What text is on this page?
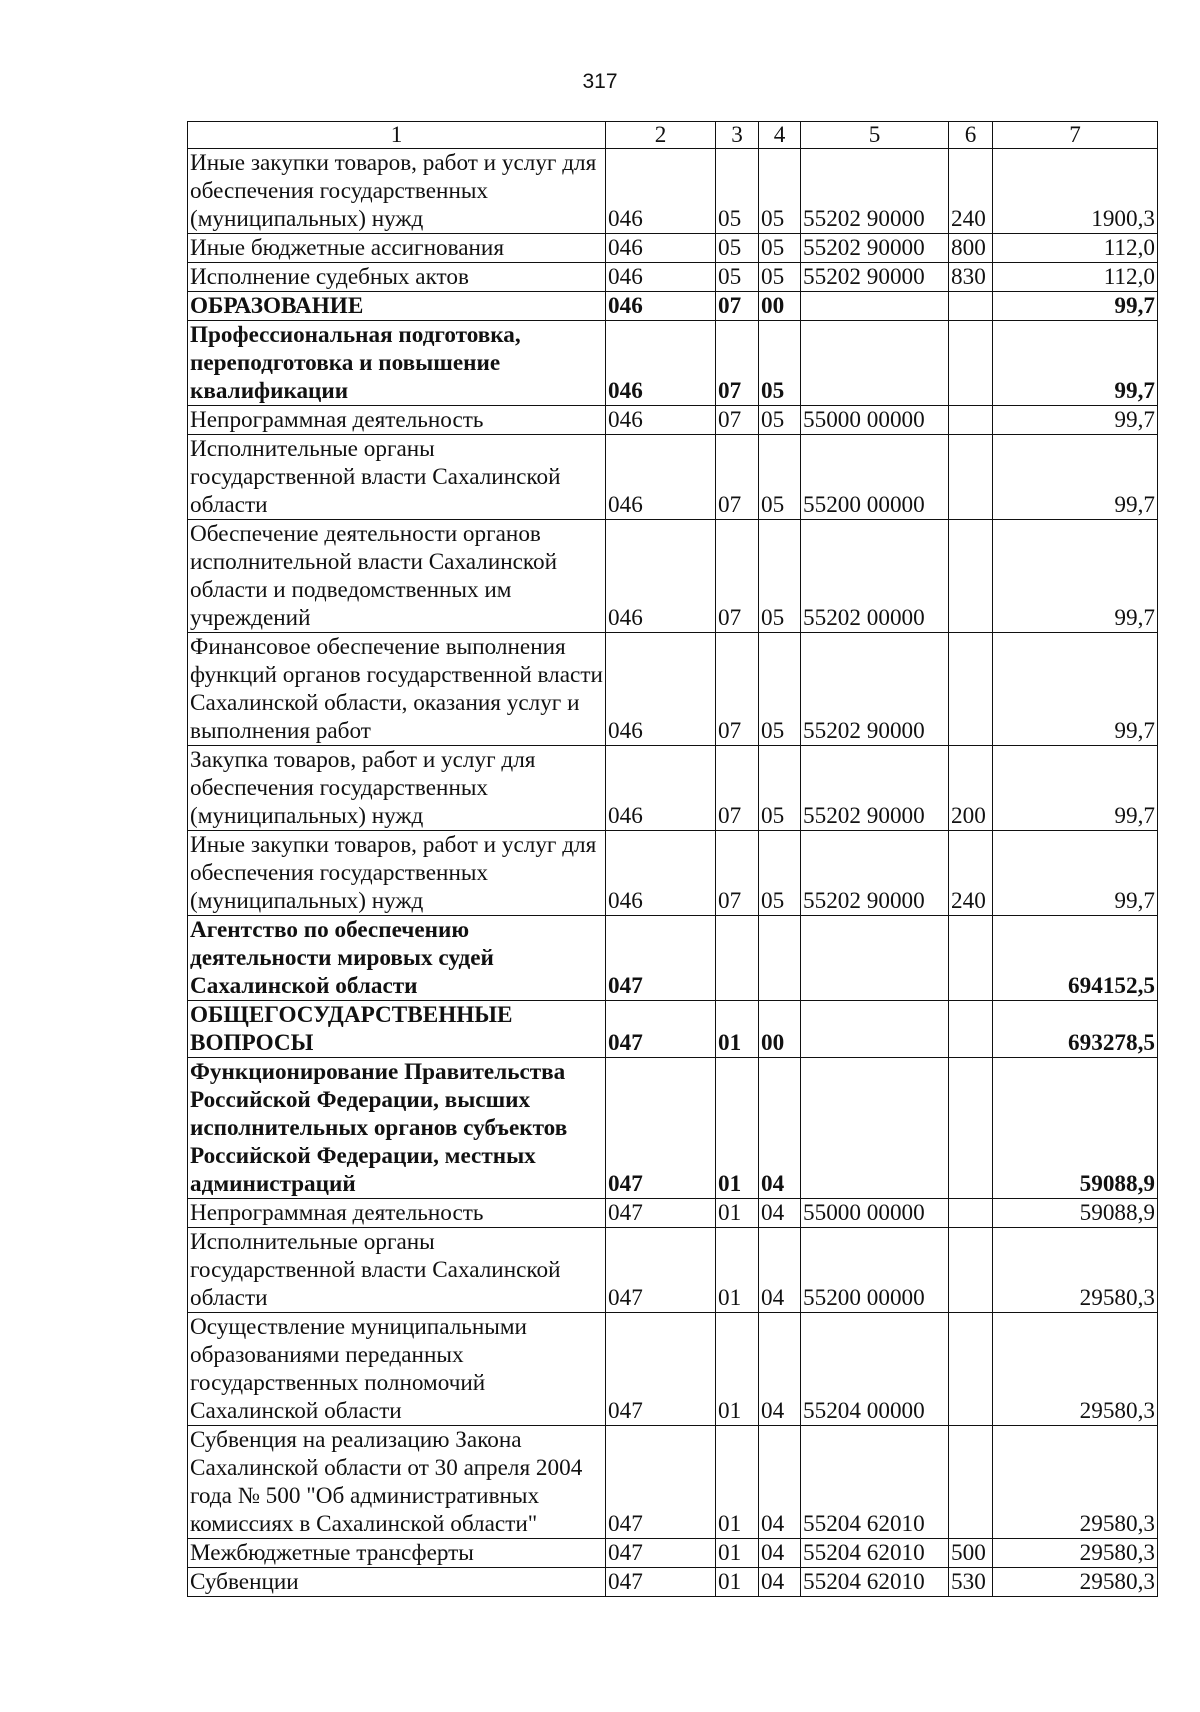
317
1	2	3	4	5	6	7
Иные закупки товаров, работ и услуг для обеспечения государственных (муниципальных) нужд	046	05	05	55202 90000	240	1900,3
Иные бюджетные ассигнования	046	05	05	55202 90000	800	112,0
Исполнение судебных актов	046	05	05	55202 90000	830	112,0
ОБРАЗОВАНИЕ	046	07	00			99,7
Профессиональная подготовка, переподготовка и повышение квалификации	046	07	05			99,7
Непрограммная деятельность	046	07	05	55000 00000		99,7
Исполнительные органы государственной власти Сахалинской области	046	07	05	55200 00000		99,7
Обеспечение деятельности органов исполнительной власти Сахалинской области и подведомственных им учреждений	046	07	05	55202 00000		99,7
Финансовое обеспечение выполнения функций органов государственной власти Сахалинской области, оказания услуг и выполнения работ	046	07	05	55202 90000		99,7
Закупка товаров, работ и услуг для обеспечения государственных (муниципальных) нужд	046	07	05	55202 90000	200	99,7
Иные закупки товаров, работ и услуг для обеспечения государственных (муниципальных) нужд	046	07	05	55202 90000	240	99,7
Агентство по обеспечению деятельности мировых судей Сахалинской области	047					694152,5
ОБЩЕГОСУДАРСТВЕННЫЕ ВОПРОСЫ	047	01	00			693278,5
Функционирование Правительства Российской Федерации, высших исполнительных органов субъектов Российской Федерации, местных администраций	047	01	04			59088,9
Непрограммная деятельность	047	01	04	55000 00000		59088,9
Исполнительные органы государственной власти Сахалинской области	047	01	04	55200 00000		29580,3
Осуществление муниципальными образованиями переданных государственных полномочий Сахалинской области	047	01	04	55204 00000		29580,3
Субвенция на реализацию Закона Сахалинской области от 30 апреля 2004 года № 500 "Об административных комиссиях в Сахалинской области"	047	01	04	55204 62010		29580,3
Межбюджетные трансферты	047	01	04	55204 62010	500	29580,3
Субвенции	047	01	04	55204 62010	530	29580,3
